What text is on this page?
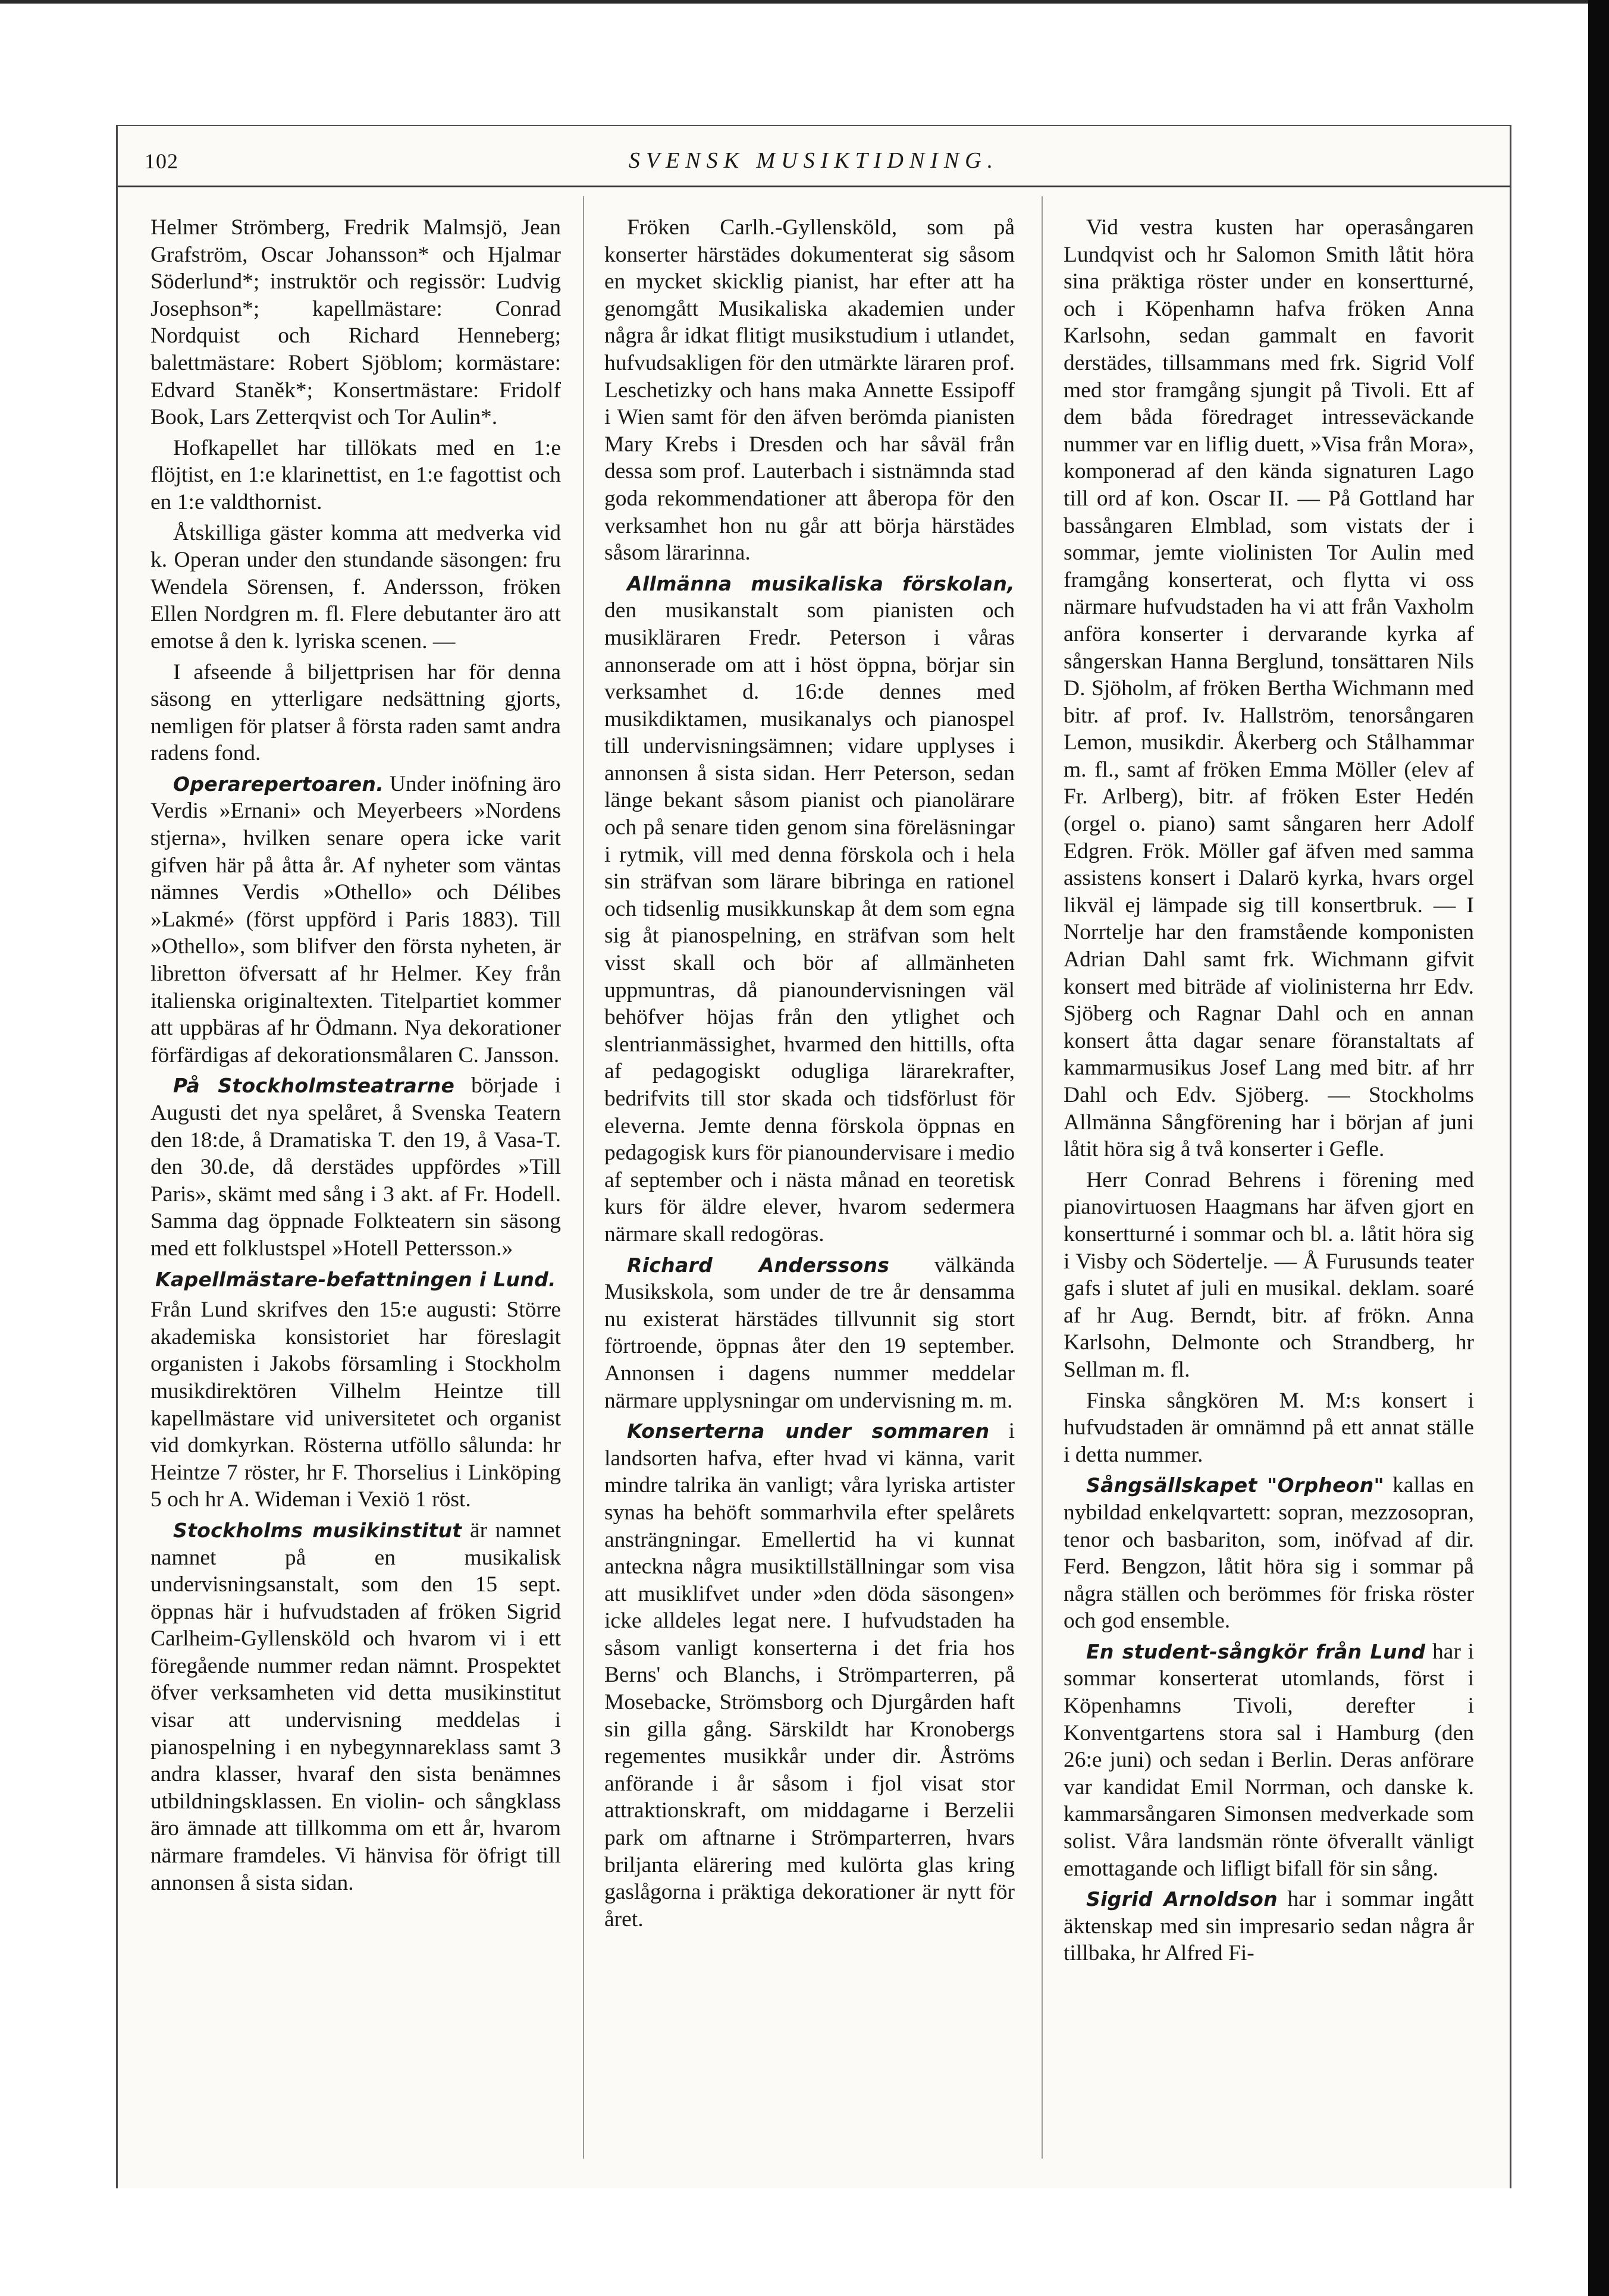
102	SVENSK MUSIKTIDNING.

Helmer Strömberg, Fredrik Malmsjö, Jean Grafström, Oscar Johansson* och Hjalmar Söderlund*; instruktör och regissör: Ludvig Josephson*; kapellmästare: Conrad Nordquist och Richard Henneberg; balettmästare: Robert Sjöblom; kormästare: Edvard Staněk*; Konsertmästare: Fridolf Book, Lars Zetterqvist och Tor Aulin*.

Hofkapellet har tillökats med en 1:e flöjtist, en 1:e klarinettist, en 1:e fagottist och en 1:e valdthornist.

Åtskilliga gäster komma att medverka vid k. Operan under den stundande säsongen: fru Wendela Sörensen, f. Andersson, fröken Ellen Nordgren m. fl. Flere debutanter äro att emotse å den k. lyriska scenen. —

I afseende å biljettprisen har för denna säsong en ytterligare nedsättning gjorts, nemligen för platser å första raden samt andra radens fond.

Operarepertoaren. Under inöfning äro Verdis »Ernani» och Meyerbeers »Nordens stjerna», hvilken senare opera icke varit gifven här på åtta år. Af nyheter som väntas nämnes Verdis »Othello» och Délibes »Lakmé» (först uppförd i Paris 1883). Till »Othello», som blifver den första nyheten, är libretton öfversatt af hr Helmer. Key från italienska originaltexten. Titelpartiet kommer att uppbäras af hr Ödmann. Nya dekorationer förfärdigas af dekorationsmålaren C. Jansson.

På Stockholmsteatrarne började i Augusti det nya spelåret, å Svenska Teatern den 18:de, å Dramatiska T. den 19, å Vasa-T. den 30.de, då derstädes uppfördes »Till Paris», skämt med sång i 3 akt. af Fr. Hodell. Samma dag öppnade Folkteatern sin säsong med ett folklustspel »Hotell Pettersson.»

Kapellmästare-befattningen i Lund.

Från Lund skrifves den 15:e augusti: Större akademiska konsistoriet har föreslagit organisten i Jakobs församling i Stockholm musikdirektören Vilhelm Heintze till kapellmästare vid universitetet och organist vid domkyrkan. Rösterna utföllo sålunda: hr Heintze 7 röster, hr F. Thorselius i Linköping 5 och hr A. Wideman i Vexiö 1 röst.

Stockholms musikinstitut är namnet namnet på en musikalisk undervisningsanstalt, som den 15 sept. öppnas här i hufvudstaden af fröken Sigrid Carlheim-Gyllensköld och hvarom vi i ett föregående nummer redan nämnt. Prospektet öfver verksamheten vid detta musikinstitut visar att undervisning meddelas i pianospelning i en nybegynnareklass samt 3 andra klasser, hvaraf den sista benämnes utbildningsklassen. En violin- och sångklass äro ämnade att tillkomma om ett år, hvarom närmare framdeles. Vi hänvisa för öfrigt till annonsen å sista sidan.

Fröken Carlh.-Gyllensköld, som på konserter härstädes dokumenterat sig såsom en mycket skicklig pianist, har efter att ha genomgått Musikaliska akademien under några år idkat flitigt musikstudium i utlandet, hufvudsakligen för den utmärkte läraren prof. Leschetizky och hans maka Annette Essipoff i Wien samt för den äfven berömda pianisten Mary Krebs i Dresden och har såväl från dessa som prof. Lauterbach i sistnämnda stad goda rekommendationer att åberopa för den verksamhet hon nu går att börja härstädes såsom lärarinna.

Allmänna musikaliska förskolan, den musikanstalt som pianisten och musikläraren Fredr. Peterson i våras annonserade om att i höst öppna, börjar sin verksamhet d. 16:de dennes med musikdiktamen, musikanalys och pianospel till undervisningsämnen; vidare upplyses i annonsen å sista sidan. Herr Peterson, sedan länge bekant såsom pianist och pianolärare och på senare tiden genom sina föreläsningar i rytmik, vill med denna förskola och i hela sin sträfvan som lärare bibringa en rationel och tidsenlig musikkunskap åt dem som egna sig åt pianospelning, en sträfvan som helt visst skall och bör af allmänheten uppmuntras, då pianoundervisningen väl behöfver höjas från den ytlighet och slentrianmässighet, hvarmed den hittills, ofta af pedagogiskt odugliga lärarekrafter, bedrifvits till stor skada och tidsförlust för eleverna. Jemte denna förskola öppnas en pedagogisk kurs för pianoundervisare i medio af september och i nästa månad en teoretisk kurs för äldre elever, hvarom sedermera närmare skall redogöras.

Richard Anderssons välkända Musikskola, som under de tre år densamma nu existerat härstädes tillvunnit sig stort förtroende, öppnas åter den 19 september. Annonsen i dagens nummer meddelar närmare upplysningar om undervisning m. m.

Konserterna under sommaren i landsorten hafva, efter hvad vi känna, varit mindre talrika än vanligt; våra lyriska artister synas ha behöft sommarhvila efter spelårets ansträngningar. Emellertid ha vi kunnat anteckna några musiktillställningar som visa att musiklifvet under »den döda säsongen» icke alldeles legat nere. I hufvudstaden ha såsom vanligt konserterna i det fria hos Berns' och Blanchs, i Strömparterren, på Mosebacke, Strömsborg och Djurgården haft sin gilla gång. Särskildt har Kronobergs regementes musikkår under dir. Åströms anförande i år såsom i fjol visat stor attraktionskraft, om middagarne i Berzelii park om aftnarne i Strömparterren, hvars briljanta elärering med kulörta glas kring gaslågorna i präktiga dekorationer är nytt för året.

Vid vestra kusten har operasångaren Lundqvist och hr Salomon Smith låtit höra sina präktiga röster under en konsertturné, och i Köpenhamn hafva fröken Anna Karlsohn, sedan gammalt en favorit derstädes, tillsammans med frk. Sigrid Volf med stor framgång sjungit på Tivoli. Ett af dem båda föredraget intresseväckande nummer var en liflig duett, »Visa från Mora», komponerad af den kända signaturen Lago till ord af kon. Oscar II. — På Gottland har bassångaren Elmblad, som vistats der i sommar, jemte violinisten Tor Aulin med framgång konserterat, och flytta vi oss närmare hufvudstaden ha vi att från Vaxholm anföra konserter i dervarande kyrka af sångerskan Hanna Berglund, tonsättaren Nils D. Sjöholm, af fröken Bertha Wichmann med bitr. af prof. Iv. Hallström, tenorsångaren Lemon, musikdir. Åkerberg och Stålhammar m. fl., samt af fröken Emma Möller (elev af Fr. Arlberg), bitr. af fröken Ester Hedén (orgel o. piano) samt sångaren herr Adolf Edgren. Frök. Möller gaf äfven med samma assistens konsert i Dalarö kyrka, hvars orgel likväl ej lämpade sig till konsertbruk. — I Norrtelje har den framstående komponisten Adrian Dahl samt frk. Wichmann gifvit konsert med biträde af violinisterna hrr Edv. Sjöberg och Ragnar Dahl och en annan konsert åtta dagar senare föranstaltats af kammarmusikus Josef Lang med bitr. af hrr Dahl och Edv. Sjöberg. — Stockholms Allmänna Sångförening har i början af juni låtit höra sig å två konserter i Gefle.

Herr Conrad Behrens i förening med pianovirtuosen Haagmans har äfven gjort en konsertturné i sommar och bl. a. låtit höra sig i Visby och Södertelje. — Å Furusunds teater gafs i slutet af juli en musikal. deklam. soaré af hr Aug. Berndt, bitr. af frökn. Anna Karlsohn, Delmonte och Strandberg, hr Sellman m. fl.

Finska sångkören M. M:s konsert i hufvudstaden är omnämnd på ett annat ställe i detta nummer.

Sångsällskapet "Orpheon" kallas en nybildad enkelqvartett: sopran, mezzosopran, tenor och basbariton, som, inöfvad af dir. Ferd. Bengzon, låtit höra sig i sommar på några ställen och berömmes för friska röster och god ensemble.

En student-sångkör från Lund har i sommar konserterat utomlands, först i Köpenhamns Tivoli, derefter i Konventgartens stora sal i Hamburg (den 26:e juni) och sedan i Berlin. Deras anförare var kandidat Emil Norrman, och danske k. kammarsångaren Simonsen medverkade som solist. Våra landsmän rönte öfverallt vänligt emottagande och lifligt bifall för sin sång.

Sigrid Arnoldson har i sommar ingått äktenskap med sin impresario sedan några år tillbaka, hr Alfred Fi-
